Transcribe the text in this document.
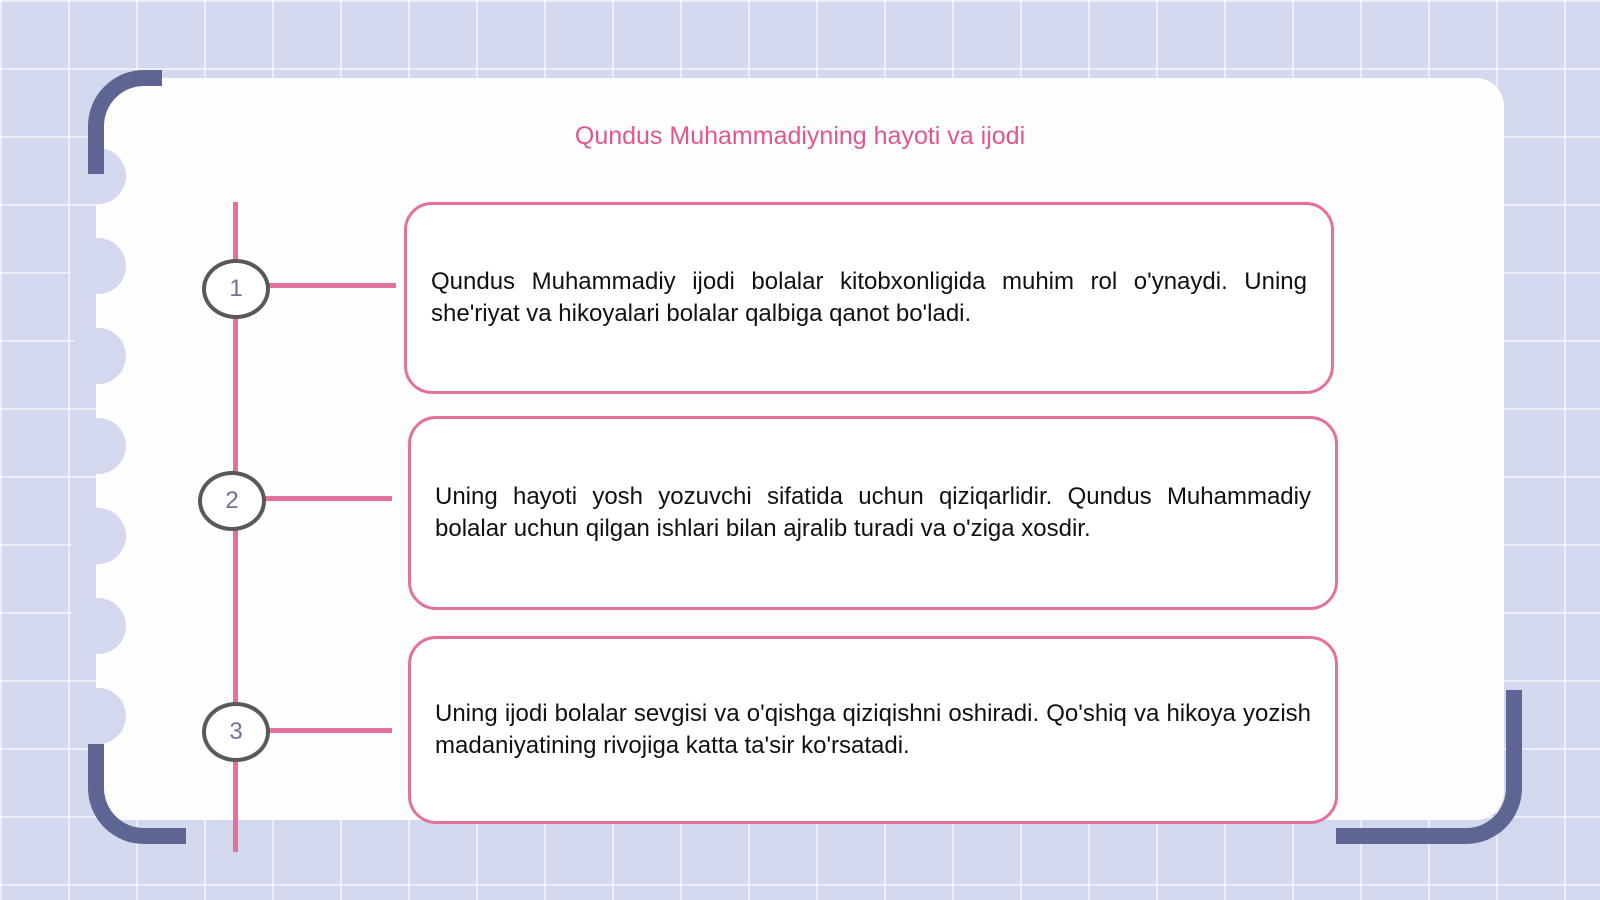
Qundus Muhammadiyning hayoti va ijodi
1
2
3

Qundus Muhammadiy ijodi bolalar kitobxonligida muhim rol o'ynaydi. Uning she'riyat va hikoyalari bolalar qalbiga qanot bo'ladi.

Uning hayoti yosh yozuvchi sifatida uchun qiziqarlidir. Qundus Muhammadiy bolalar uchun qilgan ishlari bilan ajralib turadi va o'ziga xosdir.

Uning ijodi bolalar sevgisi va o'qishga qiziqishni oshiradi. Qo'shiq va hikoya yozish madaniyatining rivojiga katta ta'sir ko'rsatadi.
